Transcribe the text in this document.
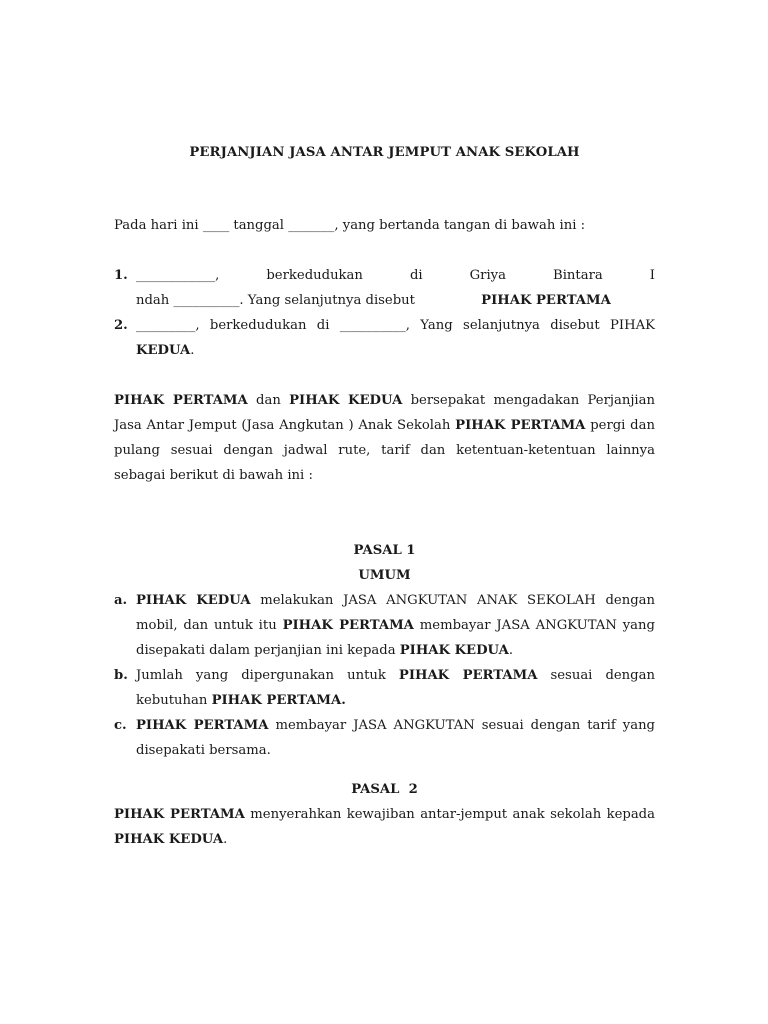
PERJANJIAN JASA ANTAR JEMPUT ANAK SEKOLAH

Pada hari ini ____ tanggal _______, yang bertanda tangan di bawah ini :

1. ____________,      berkedudukan      di      Griya      Bintara      I
ndah __________. Yang selanjutnya disebut	PIHAK PERTAMA
2. _________, berkedudukan di __________, Yang selanjutnya disebut PIHAK
KEDUA.

PIHAK PERTAMA dan PIHAK KEDUA bersepakat mengadakan Perjanjian Jasa Antar Jemput (Jasa Angkutan ) Anak Sekolah PIHAK PERTAMA pergi dan pulang sesuai dengan jadwal rute, tarif dan ketentuan-ketentuan lainnya sebagai berikut di bawah ini :

PASAL 1

UMUM

a. PIHAK KEDUA melakukan JASA ANGKUTAN ANAK SEKOLAH dengan mobil, dan untuk itu PIHAK PERTAMA membayar JASA ANGKUTAN yang disepakati dalam perjanjian ini kepada PIHAK KEDUA.
b. Jumlah yang dipergunakan untuk PIHAK PERTAMA sesuai dengan kebutuhan PIHAK PERTAMA.
c. PIHAK PERTAMA membayar JASA ANGKUTAN sesuai dengan tarif yang disepakati bersama.

PASAL  2

PIHAK PERTAMA menyerahkan kewajiban antar-jemput anak sekolah kepada PIHAK KEDUA.
